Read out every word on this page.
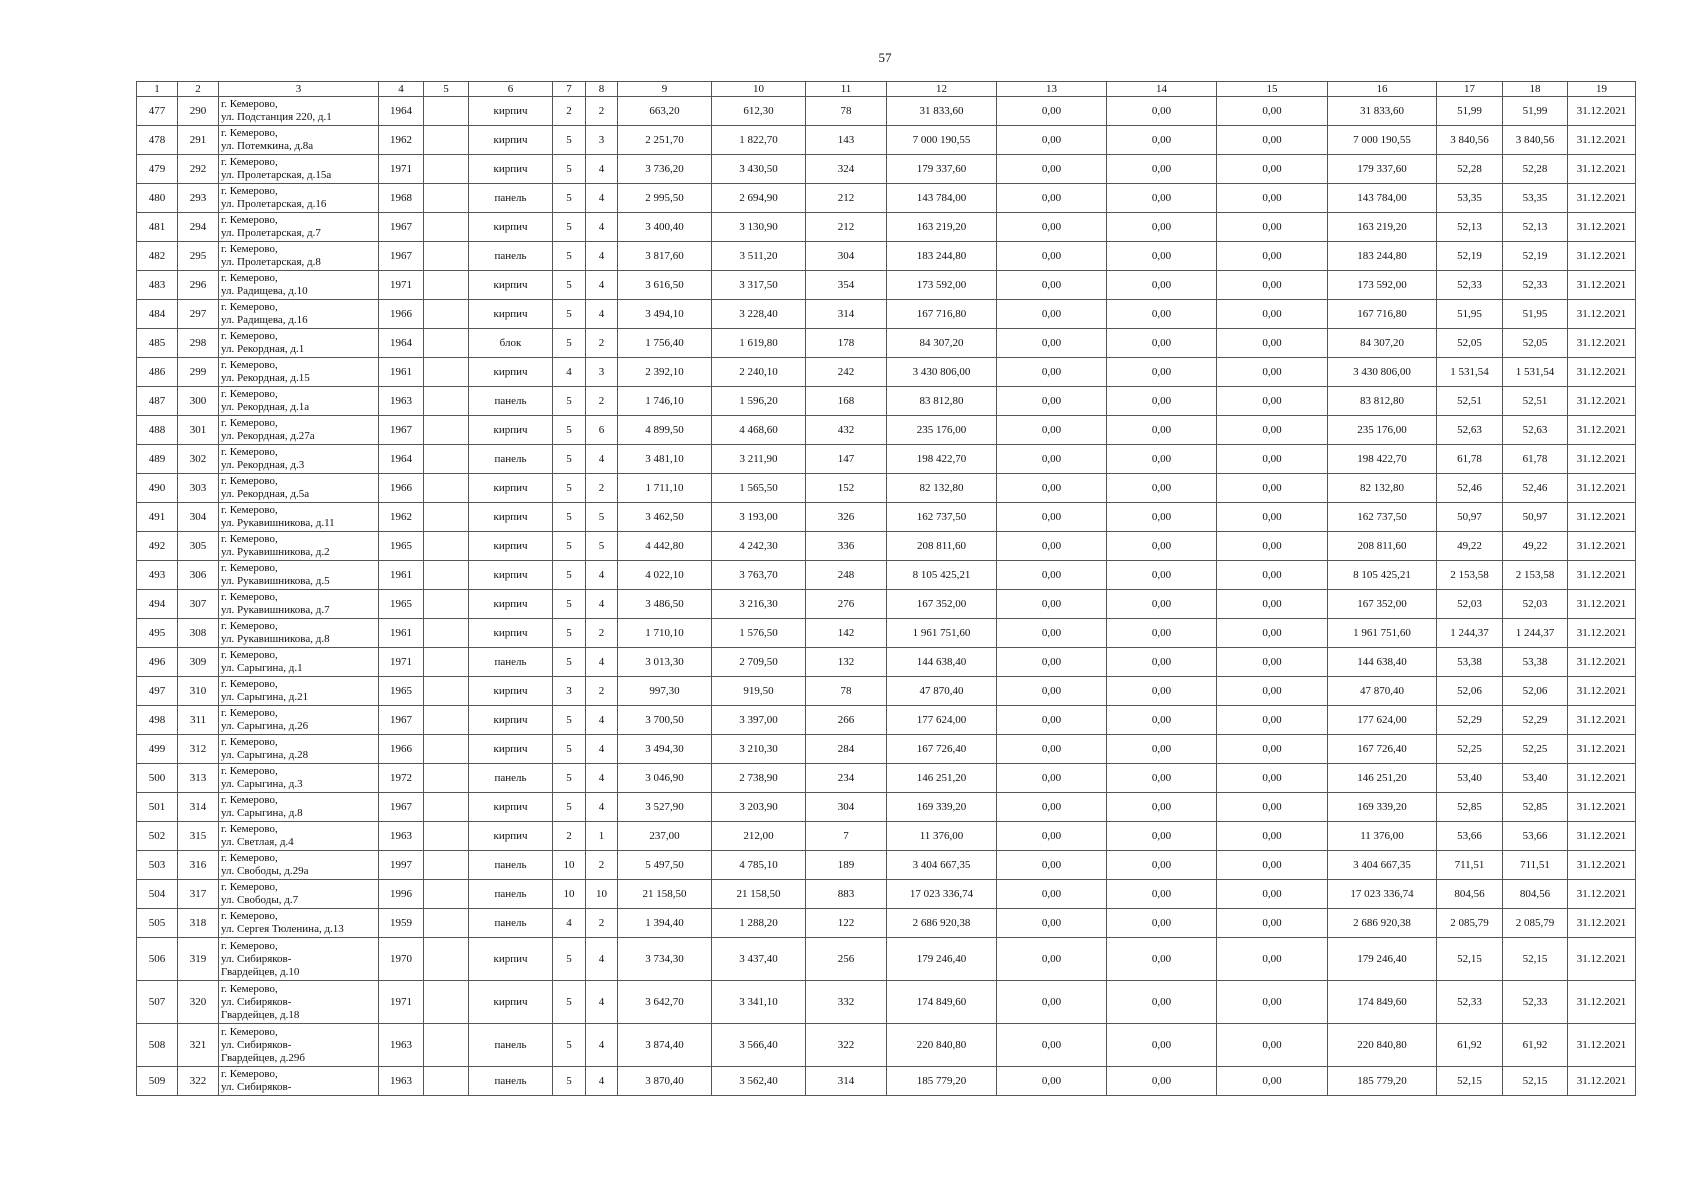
57
1	2	3	4	5	6	7	8	9	10	11	12	13	14	15	16	17	18	19
477	290	г. Кемерово,
ул. Подстанция 220, д.1	1964		кирпич	2	2	663,20	612,30	78	31 833,60	0,00	0,00	0,00	31 833,60	51,99	51,99	31.12.2021
478	291	г. Кемерово,
ул. Потемкина, д.8а	1962		кирпич	5	3	2 251,70	1 822,70	143	7 000 190,55	0,00	0,00	0,00	7 000 190,55	3 840,56	3 840,56	31.12.2021
479	292	г. Кемерово,
ул. Пролетарская, д.15а	1971		кирпич	5	4	3 736,20	3 430,50	324	179 337,60	0,00	0,00	0,00	179 337,60	52,28	52,28	31.12.2021
480	293	г. Кемерово,
ул. Пролетарская, д.16	1968		панель	5	4	2 995,50	2 694,90	212	143 784,00	0,00	0,00	0,00	143 784,00	53,35	53,35	31.12.2021
481	294	г. Кемерово,
ул. Пролетарская, д.7	1967		кирпич	5	4	3 400,40	3 130,90	212	163 219,20	0,00	0,00	0,00	163 219,20	52,13	52,13	31.12.2021
482	295	г. Кемерово,
ул. Пролетарская, д.8	1967		панель	5	4	3 817,60	3 511,20	304	183 244,80	0,00	0,00	0,00	183 244,80	52,19	52,19	31.12.2021
483	296	г. Кемерово,
ул. Радищева, д.10	1971		кирпич	5	4	3 616,50	3 317,50	354	173 592,00	0,00	0,00	0,00	173 592,00	52,33	52,33	31.12.2021
484	297	г. Кемерово,
ул. Радищева, д.16	1966		кирпич	5	4	3 494,10	3 228,40	314	167 716,80	0,00	0,00	0,00	167 716,80	51,95	51,95	31.12.2021
485	298	г. Кемерово,
ул. Рекордная, д.1	1964		блок	5	2	1 756,40	1 619,80	178	84 307,20	0,00	0,00	0,00	84 307,20	52,05	52,05	31.12.2021
486	299	г. Кемерово,
ул. Рекордная, д.15	1961		кирпич	4	3	2 392,10	2 240,10	242	3 430 806,00	0,00	0,00	0,00	3 430 806,00	1 531,54	1 531,54	31.12.2021
487	300	г. Кемерово,
ул. Рекордная, д.1а	1963		панель	5	2	1 746,10	1 596,20	168	83 812,80	0,00	0,00	0,00	83 812,80	52,51	52,51	31.12.2021
488	301	г. Кемерово,
ул. Рекордная, д.27а	1967		кирпич	5	6	4 899,50	4 468,60	432	235 176,00	0,00	0,00	0,00	235 176,00	52,63	52,63	31.12.2021
489	302	г. Кемерово,
ул. Рекордная, д.3	1964		панель	5	4	3 481,10	3 211,90	147	198 422,70	0,00	0,00	0,00	198 422,70	61,78	61,78	31.12.2021
490	303	г. Кемерово,
ул. Рекордная, д.5а	1966		кирпич	5	2	1 711,10	1 565,50	152	82 132,80	0,00	0,00	0,00	82 132,80	52,46	52,46	31.12.2021
491	304	г. Кемерово,
ул. Рукавишникова, д.11	1962		кирпич	5	5	3 462,50	3 193,00	326	162 737,50	0,00	0,00	0,00	162 737,50	50,97	50,97	31.12.2021
492	305	г. Кемерово,
ул. Рукавишникова, д.2	1965		кирпич	5	5	4 442,80	4 242,30	336	208 811,60	0,00	0,00	0,00	208 811,60	49,22	49,22	31.12.2021
493	306	г. Кемерово,
ул. Рукавишникова, д.5	1961		кирпич	5	4	4 022,10	3 763,70	248	8 105 425,21	0,00	0,00	0,00	8 105 425,21	2 153,58	2 153,58	31.12.2021
494	307	г. Кемерово,
ул. Рукавишникова, д.7	1965		кирпич	5	4	3 486,50	3 216,30	276	167 352,00	0,00	0,00	0,00	167 352,00	52,03	52,03	31.12.2021
495	308	г. Кемерово,
ул. Рукавишникова, д.8	1961		кирпич	5	2	1 710,10	1 576,50	142	1 961 751,60	0,00	0,00	0,00	1 961 751,60	1 244,37	1 244,37	31.12.2021
496	309	г. Кемерово,
ул. Сарыгина, д.1	1971		панель	5	4	3 013,30	2 709,50	132	144 638,40	0,00	0,00	0,00	144 638,40	53,38	53,38	31.12.2021
497	310	г. Кемерово,
ул. Сарыгина, д.21	1965		кирпич	3	2	997,30	919,50	78	47 870,40	0,00	0,00	0,00	47 870,40	52,06	52,06	31.12.2021
498	311	г. Кемерово,
ул. Сарыгина, д.26	1967		кирпич	5	4	3 700,50	3 397,00	266	177 624,00	0,00	0,00	0,00	177 624,00	52,29	52,29	31.12.2021
499	312	г. Кемерово,
ул. Сарыгина, д.28	1966		кирпич	5	4	3 494,30	3 210,30	284	167 726,40	0,00	0,00	0,00	167 726,40	52,25	52,25	31.12.2021
500	313	г. Кемерово,
ул. Сарыгина, д.3	1972		панель	5	4	3 046,90	2 738,90	234	146 251,20	0,00	0,00	0,00	146 251,20	53,40	53,40	31.12.2021
501	314	г. Кемерово,
ул. Сарыгина, д.8	1967		кирпич	5	4	3 527,90	3 203,90	304	169 339,20	0,00	0,00	0,00	169 339,20	52,85	52,85	31.12.2021
502	315	г. Кемерово,
ул. Светлая, д.4	1963		кирпич	2	1	237,00	212,00	7	11 376,00	0,00	0,00	0,00	11 376,00	53,66	53,66	31.12.2021
503	316	г. Кемерово,
ул. Свободы, д.29а	1997		панель	10	2	5 497,50	4 785,10	189	3 404 667,35	0,00	0,00	0,00	3 404 667,35	711,51	711,51	31.12.2021
504	317	г. Кемерово,
ул. Свободы, д.7	1996		панель	10	10	21 158,50	21 158,50	883	17 023 336,74	0,00	0,00	0,00	17 023 336,74	804,56	804,56	31.12.2021
505	318	г. Кемерово,
ул. Сергея Тюленина, д.13	1959		панель	4	2	1 394,40	1 288,20	122	2 686 920,38	0,00	0,00	0,00	2 686 920,38	2 085,79	2 085,79	31.12.2021
506	319	г. Кемерово,
ул. Сибиряков-
Гвардейцев, д.10	1970		кирпич	5	4	3 734,30	3 437,40	256	179 246,40	0,00	0,00	0,00	179 246,40	52,15	52,15	31.12.2021
507	320	г. Кемерово,
ул. Сибиряков-
Гвардейцев, д.18	1971		кирпич	5	4	3 642,70	3 341,10	332	174 849,60	0,00	0,00	0,00	174 849,60	52,33	52,33	31.12.2021
508	321	г. Кемерово,
ул. Сибиряков-
Гвардейцев, д.29б	1963		панель	5	4	3 874,40	3 566,40	322	220 840,80	0,00	0,00	0,00	220 840,80	61,92	61,92	31.12.2021
509	322	г. Кемерово,
ул. Сибиряков-	1963		панель	5	4	3 870,40	3 562,40	314	185 779,20	0,00	0,00	0,00	185 779,20	52,15	52,15	31.12.2021
